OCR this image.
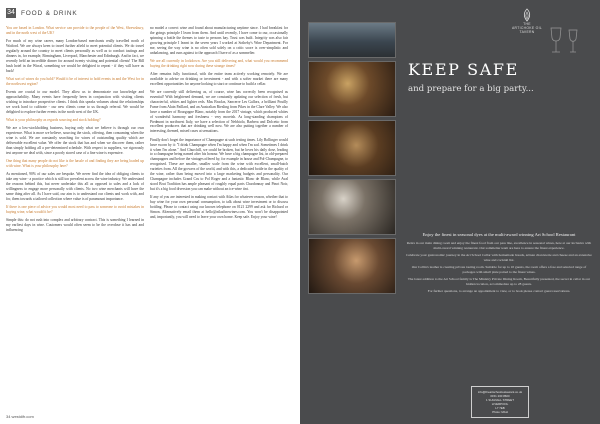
34 FOOD & DRINK

You are based in London. What service can provide to the people of the West, Shrewsbury, and in the north west of the UK?

For much of my wine career, many London-based merchants really travelled north of Watford. We are always keen to travel further afield to meet potential clients. We do travel regularly around the country to meet clients personally as well as to conduct tastings and dinners in, for example, Birmingham, Liverpool, Manchester and Edinburgh. And in fact, we recently held an incredible dinner for around twenty visiting and potential clients! The Bill hash hotel in the Wirral, something we would be delighted to repeat - if they will have us back!

What sort of wines do you hold? Would it be of interest to hold events in and the West for in the northwest region?

Events are crucial to our model. They allow us to demonstrate our knowledge and approachability. Many events have frequently been in conjunction with visiting clients wishing to introduce prospective clients. I think this speaks volumes about the relationships we work hard to cultivate - our new clients come to us through referral. We would be delighted to explore further events in the north west of the UK.

What is your philosophy as regards sourcing and stock holding?

We are a low-stockholding business, buying only what we believe is through our own experience. What is more we believe, sourcing the stock, offering, then consuming when the wine is sold. We are constantly searching for wines of outstanding quality which are deliverable excellent value. We offer the stock that has and when we discover them, rather than simply holding all a pre-determined schedule. With respect to suppliers, we rigorously test anyone we deal with, since a poorly stored case of a fine wine is expensive.

One thing that many people do not like is the hassle of and finding they are being loaded up with wine. What is your philosophy here?

As mentioned, 90% of our sales are bespoke. We never find the idea of obliging clients to take any wine - a practice which is still too prevalent across the wine industry. We understand the reasons behind this, but never undertake this all as opposed to sales and a lack of willingness to engage more personally with clients. No two wine merchants will have the same thing after all. As I have said, our aim is to understand our clients and work with, and for, them towards a tailored collection where value is of paramount importance.

If there is one piece of advice you would most need to pass to someone to avoid mistakes in buying wine, what would it be?

Simple this: do not rush into complex and arbitrary contract. This is something I learned in my earliest days in wine. Customers would often seem to be the overdose it has and and influencing

no model a correct wine and found about manufacturing anytime since. I had breakfast for the goings principle I learn from them. And until recently, I have come to our, occasionally spinning a bottle the themes to taste to persons bay. Trust was built. Integrity was also fair growing principle I learnt in the seven years I worked at Sotheby's Wine Department. For me, seeing the way wine is no often sold solely on a critic score is over-simplistic and unbalancing, and runs against to the approach I have of as a sommelier.

We are all currently in lockdown. Are you still delivering and, what would you recommend buying the drinking right now during these strange times?

After remains fully functional, with the entire team actively working remotely. We are available to advise on drinking or investment - and with a softer market there are many excellent opportunities for anyone looking to start or continue to build a cellar.

We are currently still delivering as, of course, wine has correctly been recognised as essential! With heightened demand, we are constantly updating our selection of fresh, but characterful, whites and lighter reds. Mas Braclas, Sancerre Les Gallors, a brilliant Pouilly Fume from Alain Paillard, and an Australian Riesling from Pikes in the Clare Valley. We also have a number of Bourgogne Blanc, notably from the 2017 vintage, which produced whites of wonderful harmony and freshness - very moreish. As long-standing champions of Piedmont in northwest Italy, we have a selection of Nebbiolo, Barbera and Dolcetto from excellent producers that are drinking well now. We are also putting together a number of interesting, themed, mixed cases at sensations.

Finally don't forget the importance of Champagne at such testing times. Lily Bollinger would have sworn by it: "I drink Champagne when I'm happy and when I'm sad. Sometimes I drink it when I'm alone." And Churchill, we could be broken, but he loves his daily dose, leading to a champagne being named after his honour. We have a big champagne list, in old-prepared champagnes and before the vintages offered by, for example in house and Pol-Champagne, to recognised. These are smaller, smaller scale from the wine with excellent, small-batch varieties from. All the growers of the world, and with this, a dedicated bottle in the quality of the wine, rather than being moved into a large marketing budgets and personality. Our Champagne includes Grand Cru to Pol Roger and a fantastic Blanc de Blanc, while Aval stood Brut Tradition has ample pleasant of roughly equal parts Chardonnay and Pinot Noir, but it's a big food diversion you can make without an ice-wine tint.

If any of you are interested in making contact with Atlas for whatever reason, whether that to buy wine for your own personal consumption, to talk about wine investment or to discuss bottling. Please to contact using our known telephone on 0121 2299 and ask for Richard or Simon. Alternatively email them at hello@atlasfinewines.com. You won't be disappointed and, importantly, you will need to leave your own home. Keep safe. Enjoy your wine!

34 westdifr.com
THE
ARTICHOKE OIL
TAVERN
KEEP SAFE
and prepare for a big party...

Enjoy the finest in seasonal dyes at the multi-award winning Art School Restaurant

Relax in our main dining room and enjoy the finest food from our pass line, excellence in seasonal wines, here at our inclusive with multi-award winning restaurant. Our sommelier team are here to ensure the finest experience.

Celebrate your gastronomic journey in the Art School Cellar with homemade breads, artisan charcuterie and cheese and an extensive wine and cocktail list.

Our Collin's leather is creating private tasting room. Suitable for up to 10 guests, the room offers a free and selected range of packages with small plate paired to the finest wines.

The latest addition to the Art School family is The Ministry Private Dining Room, Beautifully presented, the secret in cellar in our hidden location, accommodate up to 28 guests.

For further questions, to arrange an appointment to view, or to book please contact guest reservations.

info@theartschoolrestaurant.co.uk
0151 230 8600
1 SUGNALL STREET
LIVERPOOL
L7 7EB
Photo: MAH
